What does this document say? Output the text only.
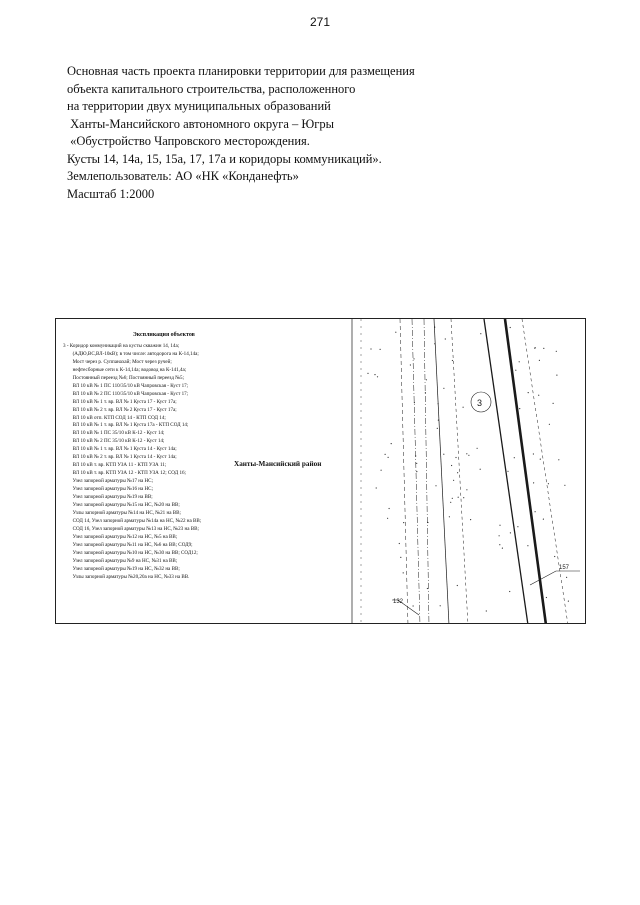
271
Основная часть проекта планировки территории для размещения
объекта капитального строительства, расположенного
на территории двух муниципальных образований
Ханты-Мансийского автономного округа – Югры
«Обустройство Чапровского месторождения.
Кусты 14, 14а, 15, 15а, 17, 17а и коридоры коммуникаций».
Землепользователь: АО «НК «Конданефть»
Масштаб 1:2000
3
157
132
Экспликация объектов
3 - Коридор коммуникаций на кусты скважин 14, 14а;
(АДЮ,ВС,ВЛ-10кВ); в том числе: автодорога на К-14,14а;
Мост через р. Суппанахай; Мост через ручей;
нефтесборные сети к К-14,14а; водовод на К-141,4а;
Постоянный переезд №6; Постоянный переезд №5;
ВЛ 10 кВ № 1 ПС 110/35/10 кВ Чапровская - Куст 17;
ВЛ 10 кВ № 2 ПС 110/35/10 кВ Чапровская - Куст 17;
ВЛ 10 кВ № 1 т. вр. ВЛ № 1 Куста 17 - Куст 17а;
ВЛ 10 кВ № 2 т. вр. ВЛ № 2 Куста 17 - Куст 17а;
ВЛ 10 кВ отп. КТП СОД 14 - КТП СОД 14;
ВЛ 10 кВ № 1 т. вр. ВЛ № 1 Куста 17а - КТП СОД 14;
ВЛ 10 кВ № 1 ПС 35/10 кВ К-12 - Куст 14;
ВЛ 10 кВ № 2 ПС 35/10 кВ К-12 - Куст 14;
ВЛ 10 кВ № 1 т. вр. ВЛ № 1 Куста 14 - Куст 14а;
ВЛ 10 кВ № 2 т. вр. ВЛ № 1 Куста 14 - Куст 14а;
ВЛ 10 кВ т. вр. КТП УЗА 11 - КТП УЗА 11;
ВЛ 10 кВ т. вр. КТП УЗА 12 - КТП УЗА 12; СОД 16;
Узел запорной арматуры №17 на НС;
Узел запорной арматуры №16 на НС;
Узел запорной арматуры №19 на ВВ;
Узел запорной арматуры №15 на НС, №20 на ВВ;
Узлы запорной арматуры №14 на НС, №21 на ВВ;
СОД 14, Узел запорной арматуры №14а на НС, №22 на ВВ;
СОД 16, Узел запорной арматуры №13 на НС, №23 на ВВ;
Узел запорной арматуры №12 на НС, №5 на ВВ;
Узел запорной арматуры №11 на НС, №6 на ВВ; СОД9;
Узел запорной арматуры №10 на НС, №30 на ВВ; СОД12;
Узел запорной арматуры №9 на НС, №31 на ВВ;
Узел запорной арматуры №19 на НС, №32 на ВВ;
Узлы запорной арматуры №20,20а на НС, №33 на ВВ.
Ханты-Мансийский район
